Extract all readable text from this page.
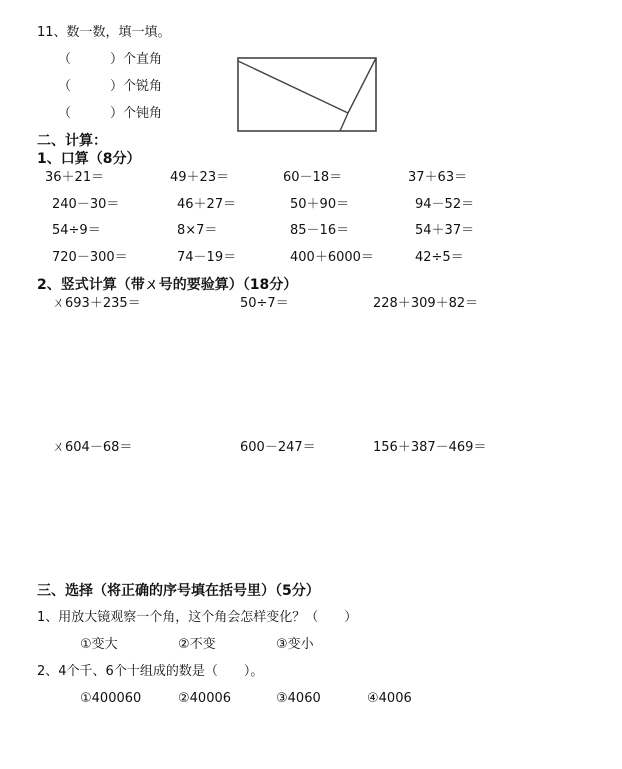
11、数一数，填一填。
（　　　）个直角
（　　　）个锐角
（　　　）个钝角
二、计算：
1、口算（8分）
36＋21＝	49＋23＝	60－18＝	37＋63＝
240－30＝	46＋27＝	50＋90＝	94－52＝
54÷9＝	8×7＝	85－16＝	54＋37＝
720－300＝	74－19＝	400＋6000＝	42÷5＝
2、竖式计算（带ㄨ号的要验算）（18分）
ㄨ693＋235＝	50÷7＝	228＋309＋82＝
ㄨ604－68＝	600－247＝	156＋387－469＝
三、选择（将正确的序号填在括号里）（5分）
1、用放大镜观察一个角，这个角会怎样变化？（　　）
①变大	②不变	③变小
2、4个千、6个十组成的数是（　　）。
①400060	②40006	③4060	④4006
